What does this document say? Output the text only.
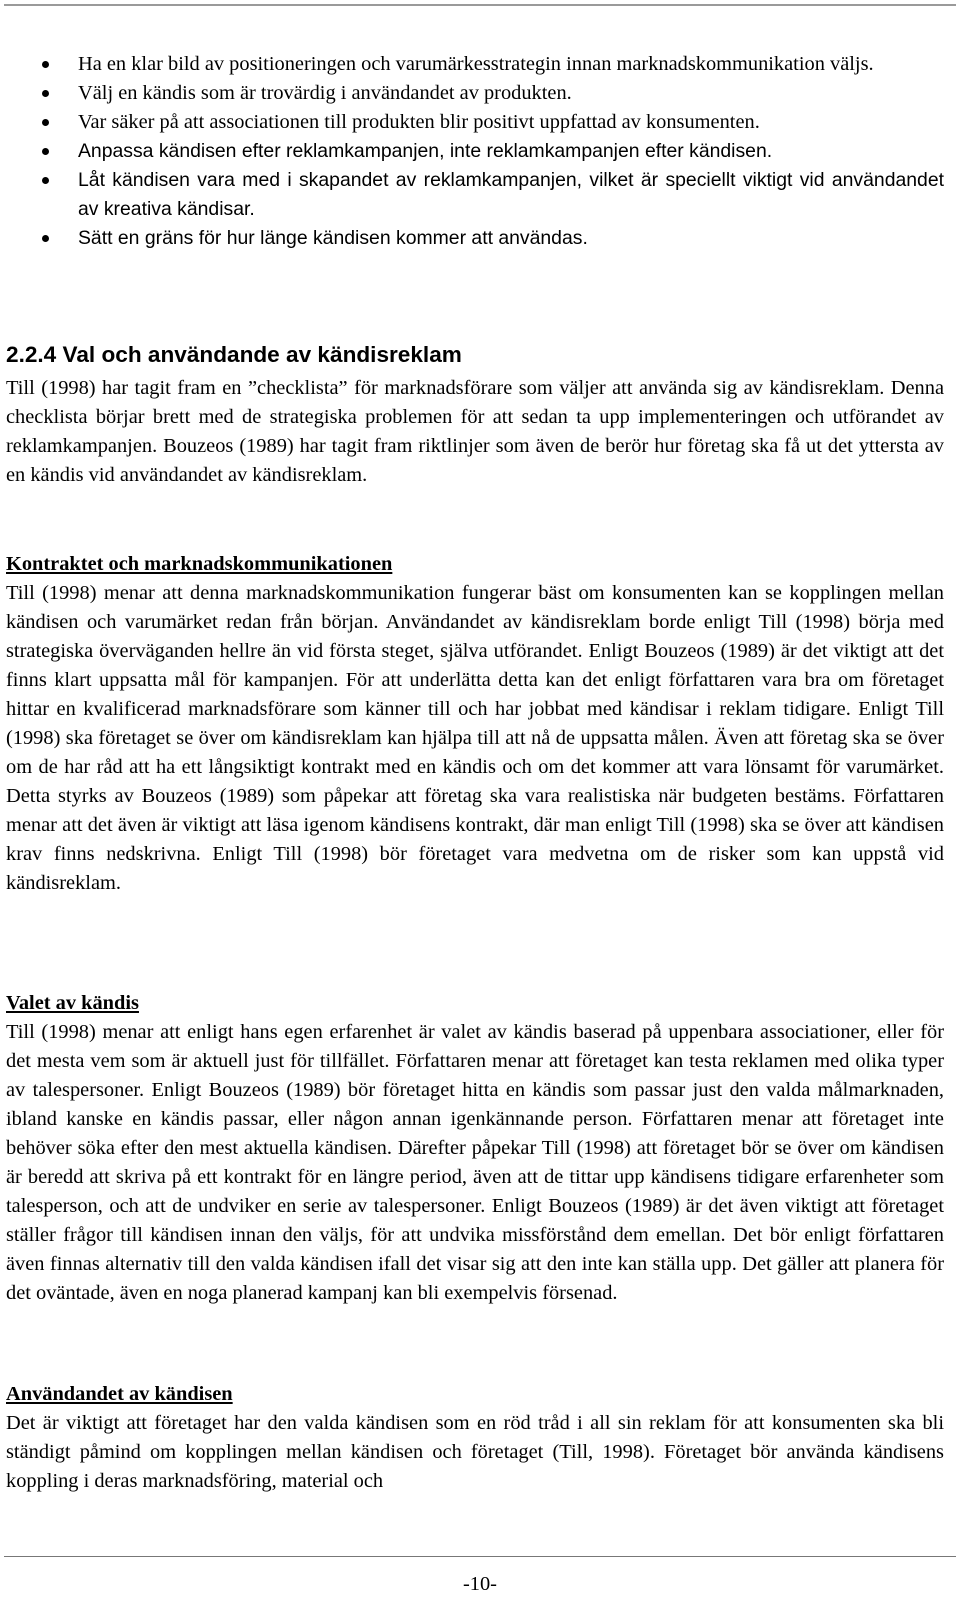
Ha en klar bild av positioneringen och varumärkesstrategin innan marknadskommunikation väljs.
Välj en kändis som är trovärdig i användandet av produkten.
Var säker på att associationen till produkten blir positivt uppfattad av konsumenten.
Anpassa kändisen efter reklamkampanjen, inte reklamkampanjen efter kändisen.
Låt kändisen vara med i skapandet av reklamkampanjen, vilket är speciellt viktigt vid användandet av kreativa kändisar.
Sätt en gräns för hur länge kändisen kommer att användas.
2.2.4 Val och användande av kändisreklam

Till (1998) har tagit fram en ”checklista” för marknadsförare som väljer att använda sig av kändisreklam. Denna checklista börjar brett med de strategiska problemen för att sedan ta upp implementeringen och utförandet av reklamkampanjen. Bouzeos (1989) har tagit fram riktlinjer som även de berör hur företag ska få ut det yttersta av en kändis vid användandet av kändisreklam.

Kontraktet och marknadskommunikationen

Till (1998) menar att denna marknadskommunikation fungerar bäst om konsumenten kan se kopplingen mellan kändisen och varumärket redan från början. Användandet av kändisreklam borde enligt Till (1998) börja med strategiska överväganden hellre än vid första steget, själva utförandet. Enligt Bouzeos (1989) är det viktigt att det finns klart uppsatta mål för kampanjen. För att underlätta detta kan det enligt författaren vara bra om företaget hittar en kvalificerad marknadsförare som känner till och har jobbat med kändisar i reklam tidigare. Enligt Till (1998) ska företaget se över om kändisreklam kan hjälpa till att nå de uppsatta målen. Även att företag ska se över om de har råd att ha ett långsiktigt kontrakt med en kändis och om det kommer att vara lönsamt för varumärket. Detta styrks av Bouzeos (1989) som påpekar att företag ska vara realistiska när budgeten bestäms. Författaren menar att det även är viktigt att läsa igenom kändisens kontrakt, där man enligt Till (1998) ska se över att kändisen krav finns nedskrivna. Enligt Till (1998) bör företaget vara medvetna om de risker som kan uppstå vid kändisreklam.

Valet av kändis

Till (1998) menar att enligt hans egen erfarenhet är valet av kändis baserad på uppenbara associationer, eller för det mesta vem som är aktuell just för tillfället. Författaren menar att företaget kan testa reklamen med olika typer av talespersoner. Enligt Bouzeos (1989) bör företaget hitta en kändis som passar just den valda målmarknaden, ibland kanske en kändis passar, eller någon annan igenkännande person. Författaren menar att företaget inte behöver söka efter den mest aktuella kändisen. Därefter påpekar Till (1998) att företaget bör se över om kändisen är beredd att skriva på ett kontrakt för en längre period, även att de tittar upp kändisens tidigare erfarenheter som talesperson, och att de undviker en serie av talespersoner. Enligt Bouzeos (1989) är det även viktigt att företaget ställer frågor till kändisen innan den väljs, för att undvika missförstånd dem emellan. Det bör enligt författaren även finnas alternativ till den valda kändisen ifall det visar sig att den inte kan ställa upp. Det gäller att planera för det oväntade, även en noga planerad kampanj kan bli exempelvis försenad.

Användandet av kändisen

Det är viktigt att företaget har den valda kändisen som en röd tråd i all sin reklam för att konsumenten ska bli ständigt påmind om kopplingen mellan kändisen och företaget (Till, 1998). Företaget bör använda kändisens koppling i deras marknadsföring, material och

-10-
